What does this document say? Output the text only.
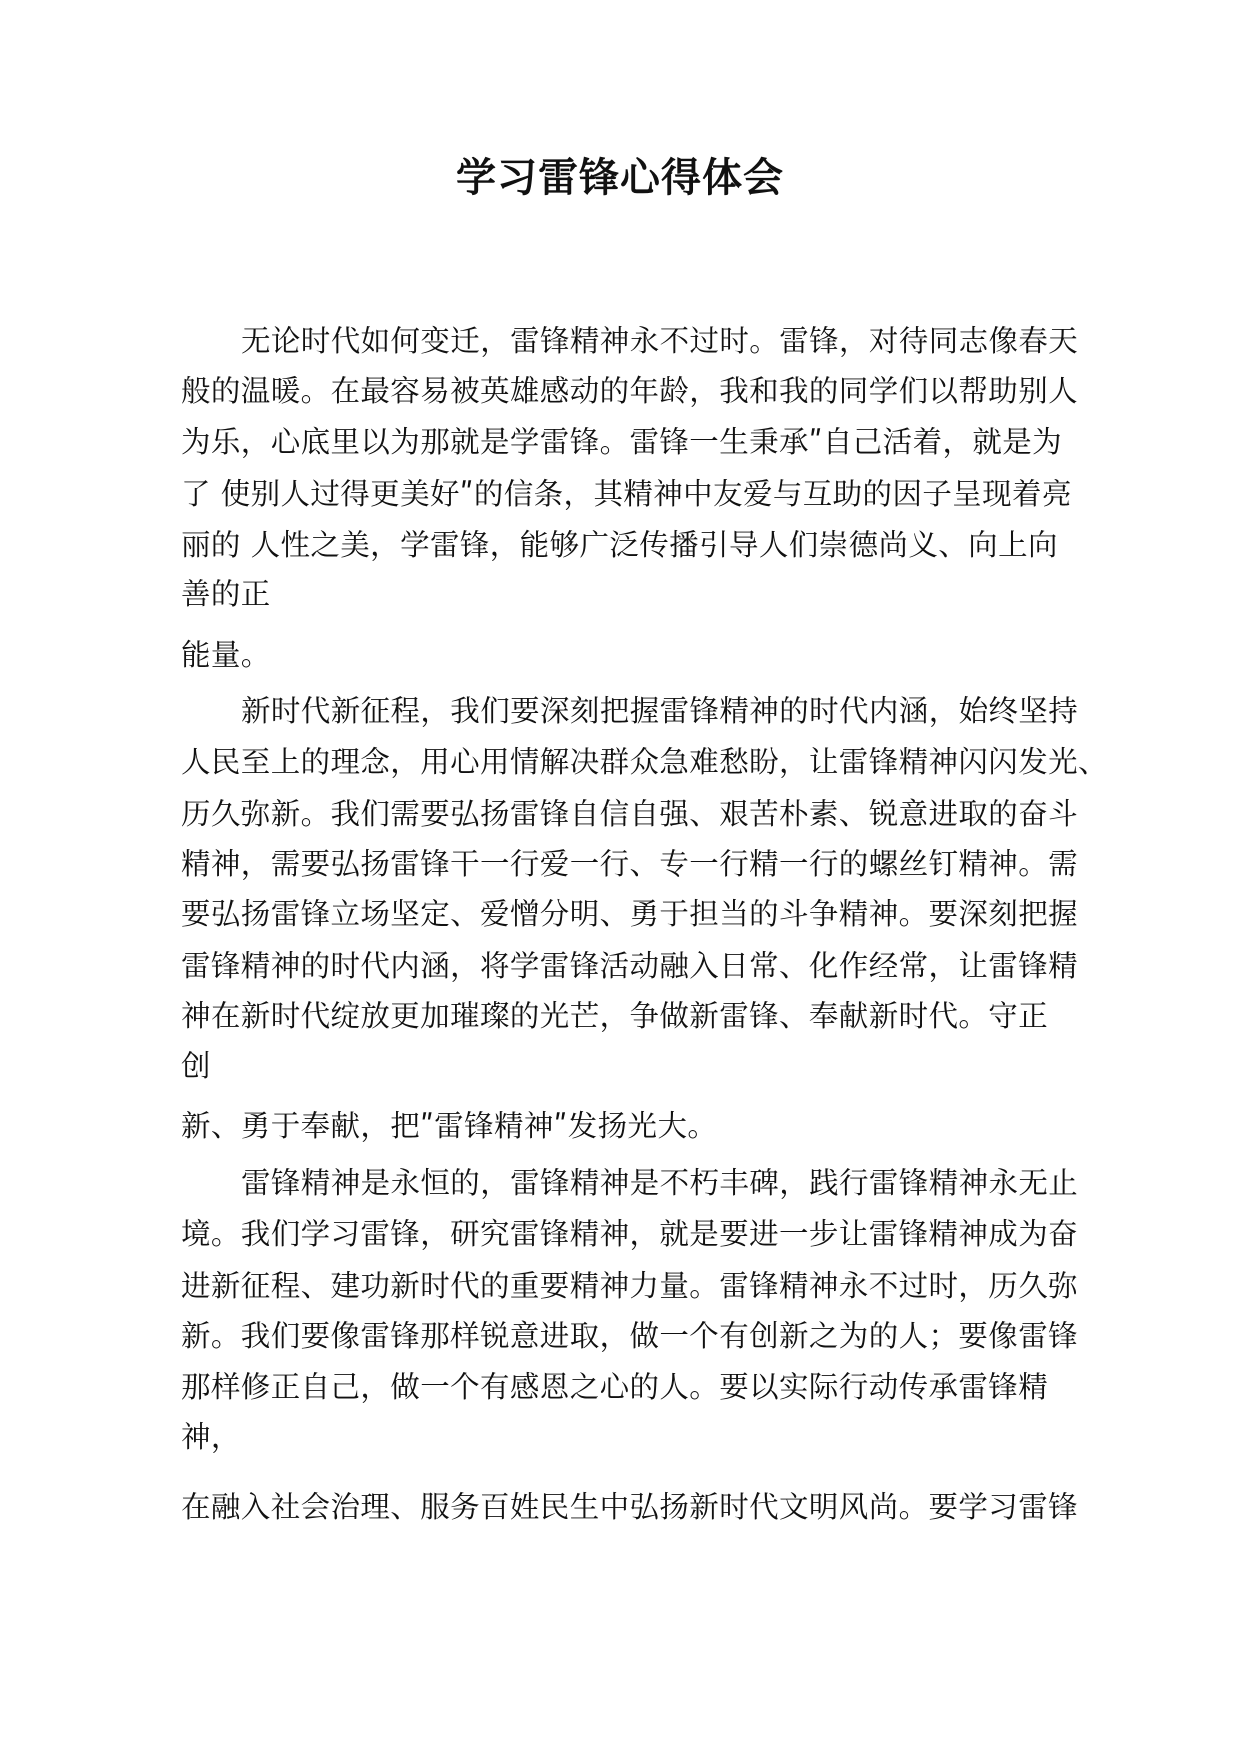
学习雷锋心得体会
无论时代如何变迁，雷锋精神永不过时。雷锋，对待同志像春天
般的温暖。在最容易被英雄感动的年龄，我和我的同学们以帮助别人
为乐，心底里以为那就是学雷锋。雷锋一生秉承ʺ自己活着，就是为
了 使别人过得更美好ʺ的信条，其精神中友爱与互助的因子呈现着亮
丽的 人性之美，学雷锋，能够广泛传播引导人们崇德尚义、向上向
善的正
能量。
新时代新征程，我们要深刻把握雷锋精神的时代内涵，始终坚持
人民至上的理念，用心用情解决群众急难愁盼，让雷锋精神闪闪发光、
历久弥新。我们需要弘扬雷锋自信自强、艰苦朴素、锐意进取的奋斗
精神，需要弘扬雷锋干一行爱一行、专一行精一行的螺丝钉精神。需
要弘扬雷锋立场坚定、爱憎分明、勇于担当的斗争精神。要深刻把握
雷锋精神的时代内涵，将学雷锋活动融入日常、化作经常，让雷锋精
神在新时代绽放更加璀璨的光芒，争做新雷锋、奉献新时代。守正
创
新、勇于奉献，把ʺ雷锋精神ʺ发扬光大。
雷锋精神是永恒的，雷锋精神是不朽丰碑，践行雷锋精神永无止
境。我们学习雷锋，研究雷锋精神，就是要进一步让雷锋精神成为奋
进新征程、建功新时代的重要精神力量。雷锋精神永不过时，历久弥
新。我们要像雷锋那样锐意进取，做一个有创新之为的人；要像雷锋
那样修正自己，做一个有感恩之心的人。要以实际行动传承雷锋精
神，
在融入社会治理、服务百姓民生中弘扬新时代文明风尚。要学习雷锋
